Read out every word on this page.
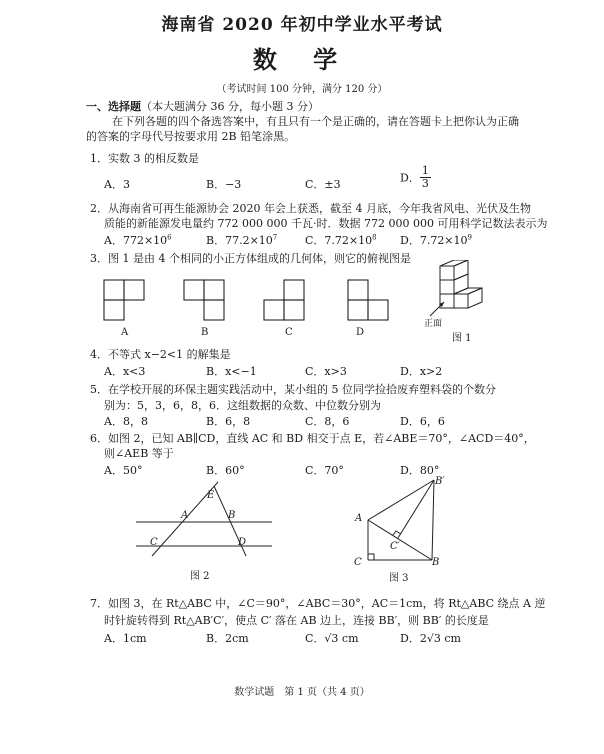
海南省 2020 年初中学业水平考试
数 学
（考试时间 100 分钟，满分 120 分）
一、选择题（本大题满分 36 分，每小题 3 分）
在下列各题的四个备选答案中，有且只有一个是正确的，请在答题卡上把你认为正确
的答案的字母代号按要求用 2B 铅笔涂黑。
1．实数 3 的相反数是
A．3	B．−3	C．±3	D． $\frac{1}{3}$
2．从海南省可再生能源协会 2020 年会上获悉，截至 4 月底，今年我省风电、光伏及生物
质能的新能源发电量约 772 000 000 千瓦·时．数据 772 000 000 可用科学记数法表示为
A．$772\times 10^6$	B．$77.2\times 10^7$	C．$7.72\times 10^8$ D．$7.72\times 10^9$
3．图 1 是由 4 个相同的小正方体组成的几何体，则它的俯视图是
A	B	C	D
正面
图 1
4．不等式 x−2<1 的解集是
A．x<3	B．x<−1	C．x>3	D．x>2
5．在学校开展的环保主题实践活动中，某小组的 5 位同学捡拾废弃塑料袋的个数分
别为：5，3，6，8，6．这组数据的众数、中位数分别为
A．8，8	B．6，8	C．8，6	D．6，6
6．如图 2，已知 AB∥CD，直线 AC 和 BD 相交于点 E，若∠ABE＝70°，∠ACD＝40°，
则∠AEB 等于
A．50°	B．60°	C．70°	D．80°
E
A	B
C	D
图 2
B′
A
C′
C	B
图 3
7．如图 3，在 Rt△ABC 中，∠C＝90°，∠ABC＝30°，AC＝1cm，将 Rt△ABC 绕点 A 逆
时针旋转得到 Rt△AB′C′，使点 C′ 落在 AB 边上，连接 BB′，则 BB′ 的长度是
A．1cm	B．2cm	C．√3 cm	D．2√3 cm
数学试题　第 1 页（共 4 页）
